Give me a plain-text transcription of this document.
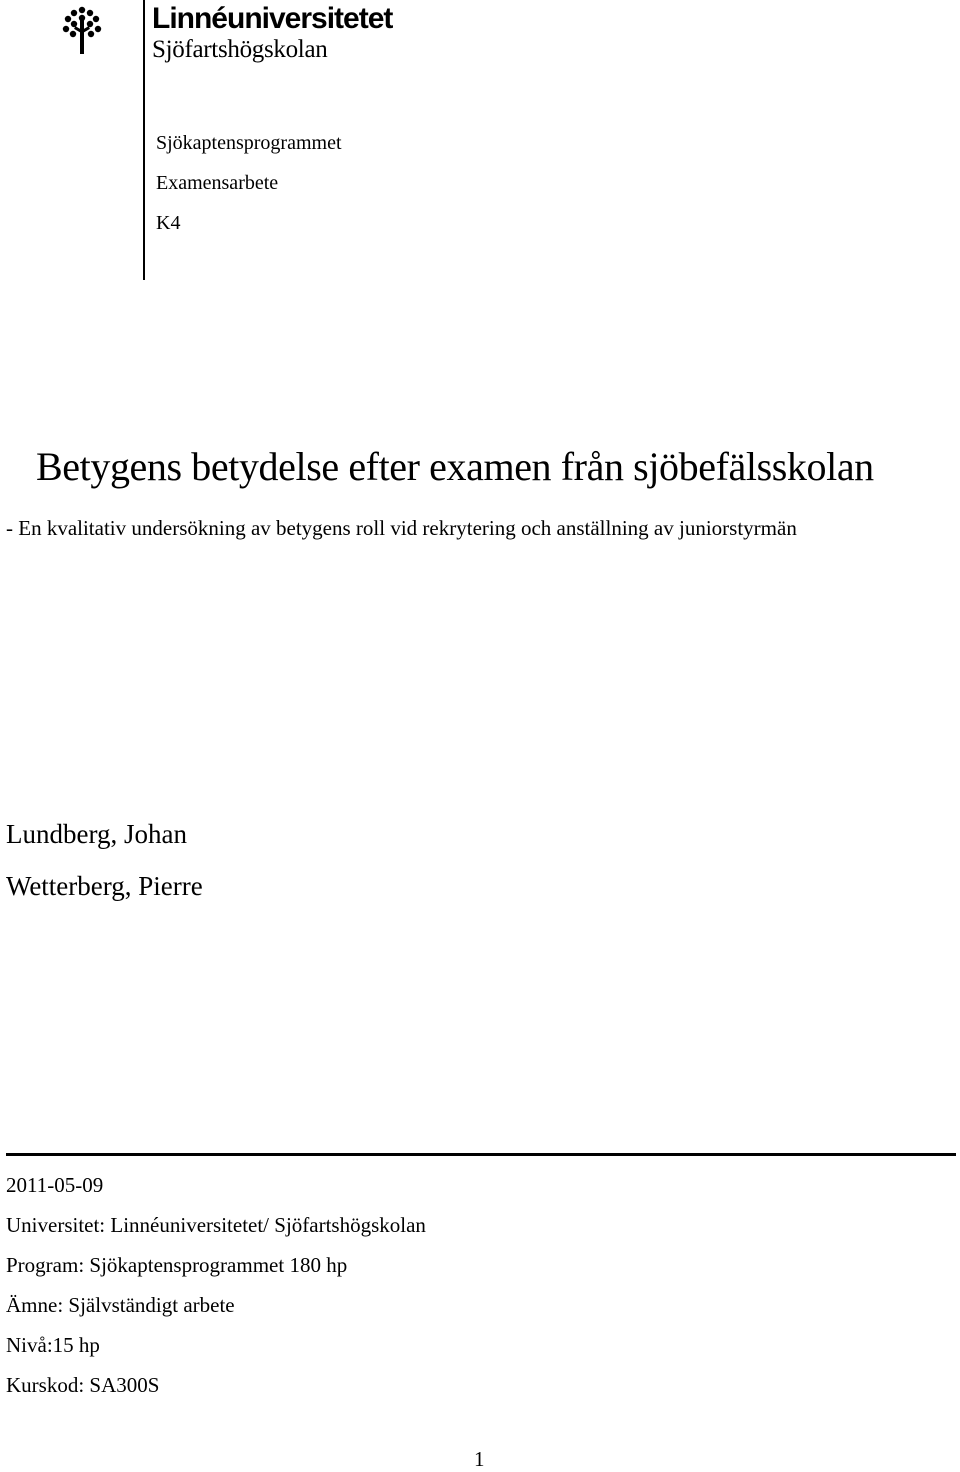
Linnéuniversitetet
Sjöfartshögskolan
Sjökaptensprogrammet
Examensarbete
K4
Betygens betydelse efter examen från sjöbefälsskolan
- En kvalitativ undersökning av betygens roll vid rekrytering och anställning av juniorstyrmän
Lundberg, Johan
Wetterberg, Pierre
2011-05-09
Universitet: Linnéuniversitetet/ Sjöfartshögskolan
Program: Sjökaptensprogrammet 180 hp
Ämne: Självständigt arbete
Nivå:15 hp
Kurskod: SA300S
1
